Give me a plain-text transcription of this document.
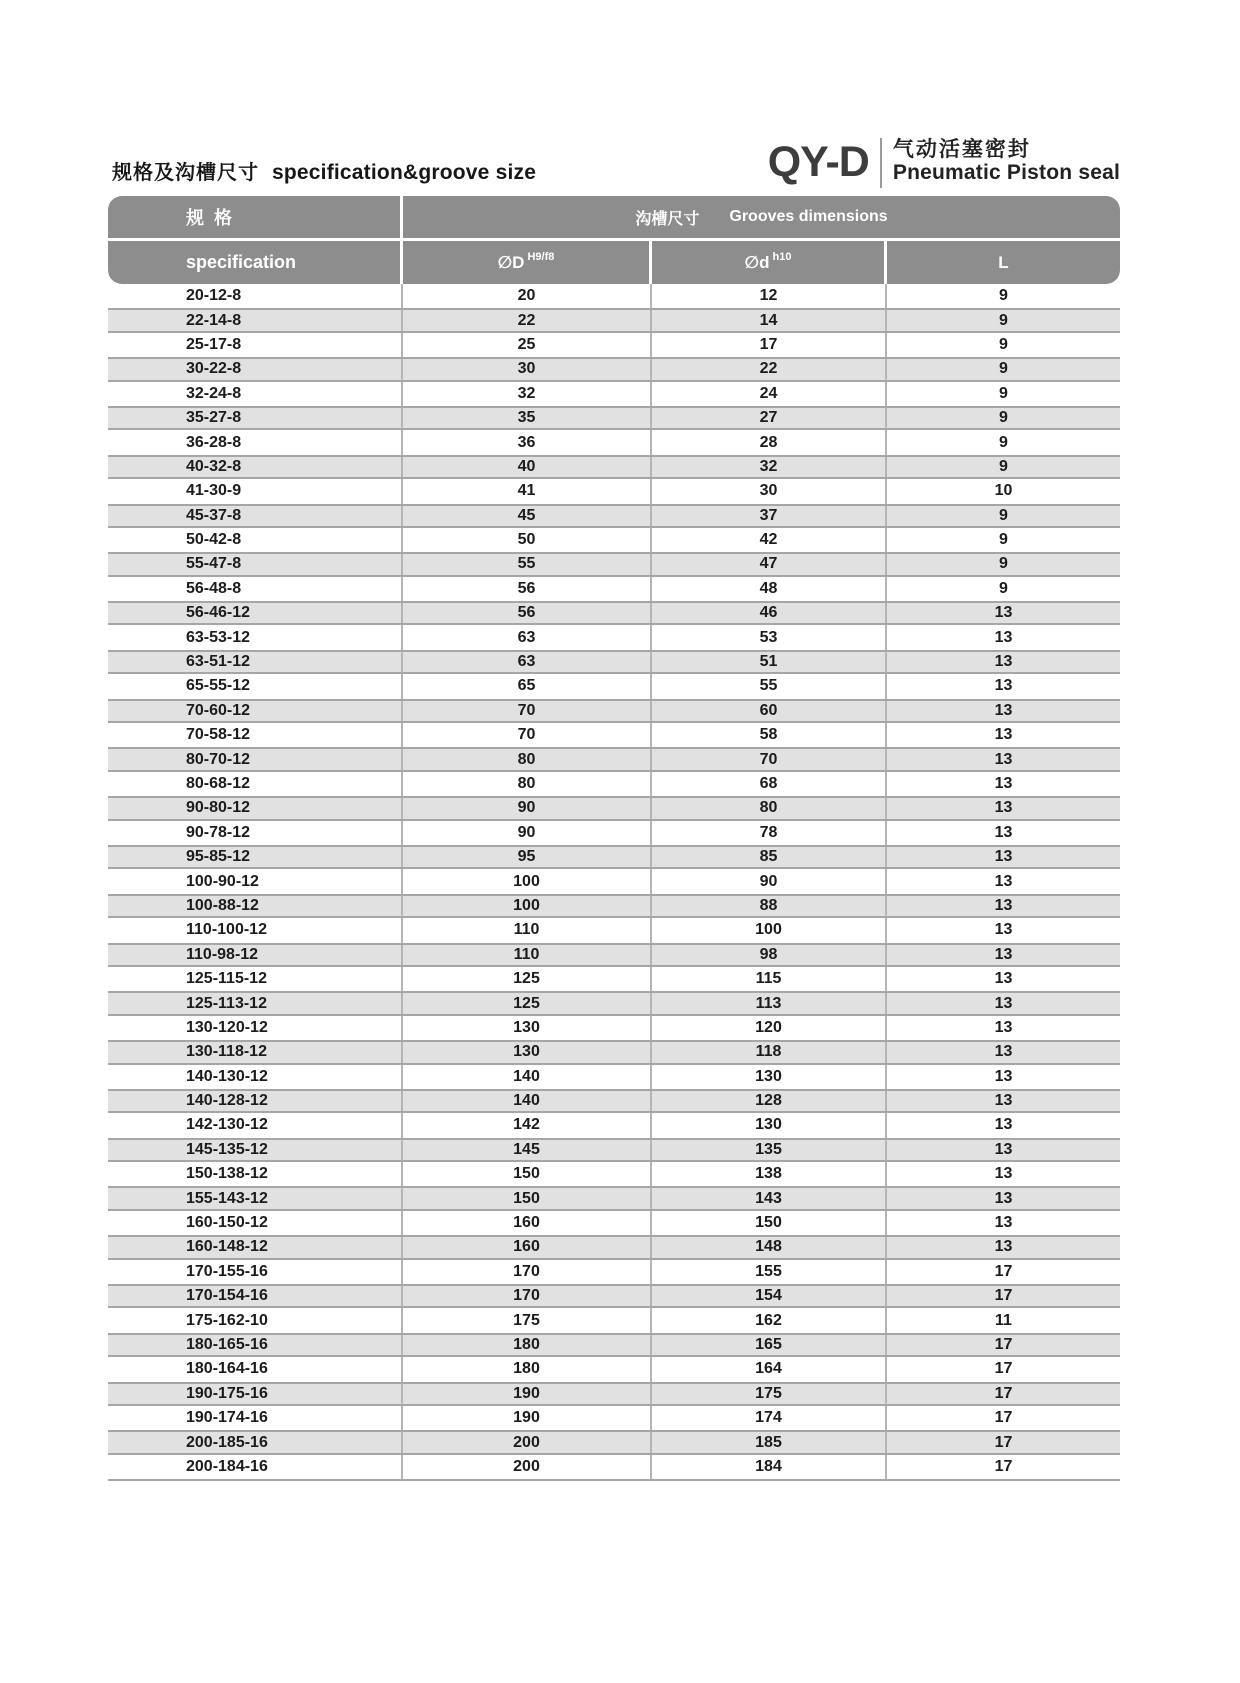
规格及沟槽尺寸 specification&groove size	QY-D 气动活塞密封
Pneumatic Piston seal
规  格	沟槽尺寸 Grooves dimensions
specification	∅D H9/f8	∅d h10	L
20-12-8	20	12	9
22-14-8	22	14	9
25-17-8	25	17	9
30-22-8	30	22	9
32-24-8	32	24	9
35-27-8	35	27	9
36-28-8	36	28	9
40-32-8	40	32	9
41-30-9	41	30	10
45-37-8	45	37	9
50-42-8	50	42	9
55-47-8	55	47	9
56-48-8	56	48	9
56-46-12	56	46	13
63-53-12	63	53	13
63-51-12	63	51	13
65-55-12	65	55	13
70-60-12	70	60	13
70-58-12	70	58	13
80-70-12	80	70	13
80-68-12	80	68	13
90-80-12	90	80	13
90-78-12	90	78	13
95-85-12	95	85	13
100-90-12	100	90	13
100-88-12	100	88	13
110-100-12	110	100	13
110-98-12	110	98	13
125-115-12	125	115	13
125-113-12	125	113	13
130-120-12	130	120	13
130-118-12	130	118	13
140-130-12	140	130	13
140-128-12	140	128	13
142-130-12	142	130	13
145-135-12	145	135	13
150-138-12	150	138	13
155-143-12	150	143	13
160-150-12	160	150	13
160-148-12	160	148	13
170-155-16	170	155	17
170-154-16	170	154	17
175-162-10	175	162	11
180-165-16	180	165	17
180-164-16	180	164	17
190-175-16	190	175	17
190-174-16	190	174	17
200-185-16	200	185	17
200-184-16	200	184	17
